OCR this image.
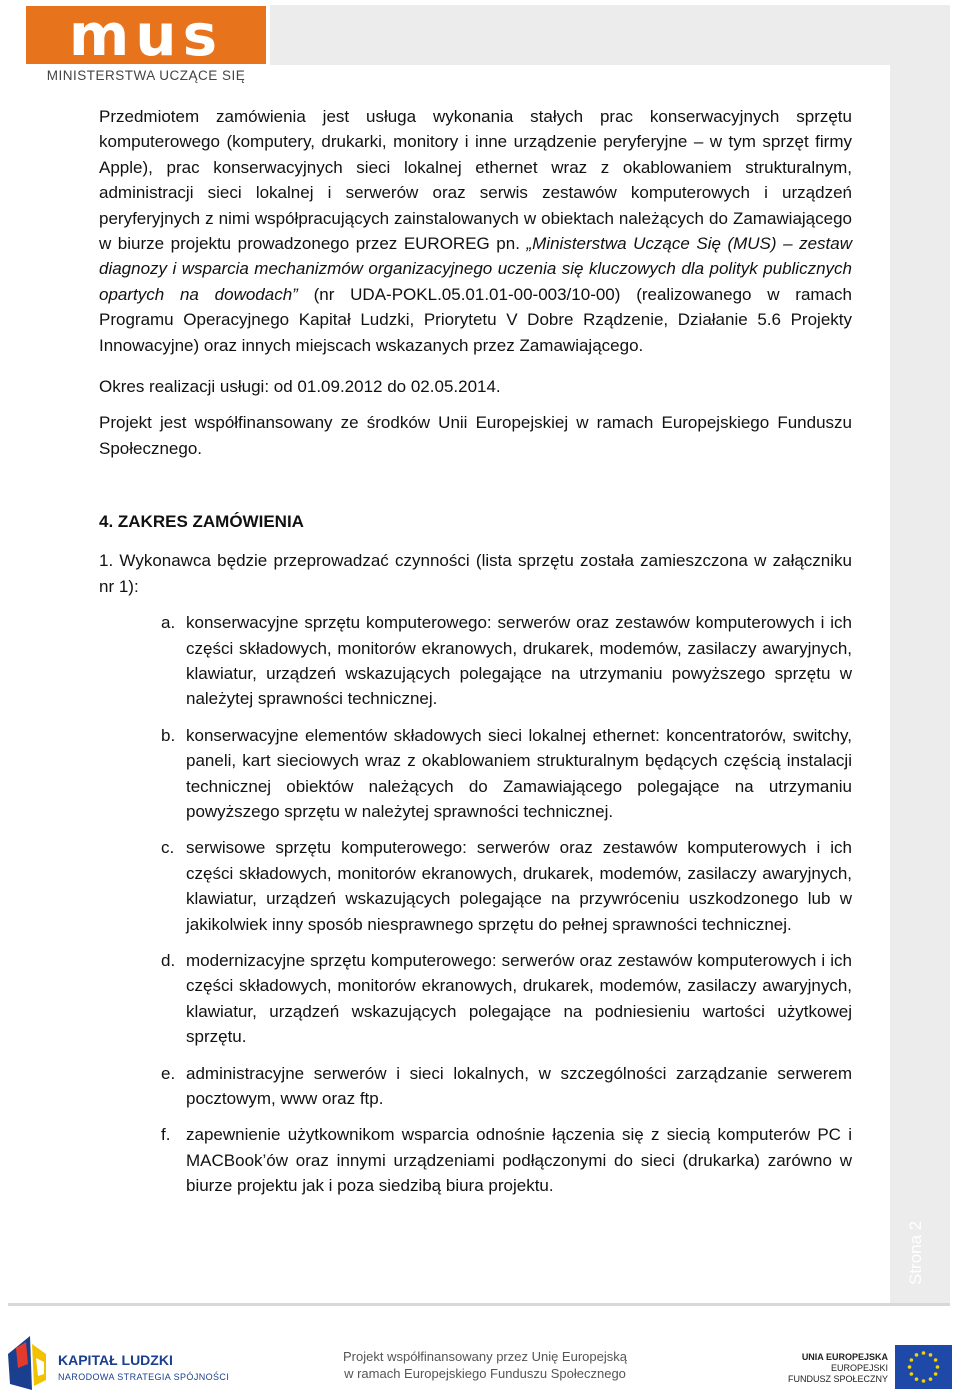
mus
MINISTERSTWA UCZĄCE SIĘ

Przedmiotem zamówienia jest usługa wykonania stałych prac konserwacyjnych sprzętu komputerowego (komputery, drukarki, monitory i inne urządzenie peryferyjne – w tym sprzęt firmy Apple), prac konserwacyjnych sieci lokalnej ethernet wraz z okablowaniem strukturalnym, administracji sieci lokalnej i serwerów oraz serwis zestawów komputerowych i urządzeń peryferyjnych z nimi współpracujących zainstalowanych w obiektach należących do Zamawiającego w biurze projektu prowadzonego przez EUROREG pn. „Ministerstwa Uczące Się (MUS) – zestaw diagnozy i wsparcia mechanizmów organizacyjnego uczenia się kluczowych dla polityk publicznych opartych na dowodach” (nr UDA-POKL.05.01.01-00-003/10-00) (realizowanego w ramach Programu Operacyjnego Kapitał Ludzki, Priorytetu V Dobre Rządzenie, Działanie 5.6 Projekty Innowacyjne) oraz innych miejscach wskazanych przez Zamawiającego.

Okres realizacji usługi: od 01.09.2012 do 02.05.2014.

Projekt jest współfinansowany ze środków Unii Europejskiej w ramach Europejskiego Funduszu Społecznego.

4. ZAKRES ZAMÓWIENIA

1. Wykonawca będzie przeprowadzać czynności (lista sprzętu została zamieszczona w załączniku nr 1):

a. konserwacyjne sprzętu komputerowego: serwerów oraz zestawów komputerowych i ich części składowych, monitorów ekranowych, drukarek, modemów, zasilaczy awaryjnych, klawiatur, urządzeń wskazujących polegające na utrzymaniu powyższego sprzętu w należytej sprawności technicznej.
b. konserwacyjne elementów składowych sieci lokalnej ethernet: koncentratorów, switchy, paneli, kart sieciowych wraz z okablowaniem strukturalnym będących częścią instalacji technicznej obiektów należących do Zamawiającego polegające na utrzymaniu powyższego sprzętu w należytej sprawności technicznej.
c. serwisowe sprzętu komputerowego: serwerów oraz zestawów komputerowych i ich części składowych, monitorów ekranowych, drukarek, modemów, zasilaczy awaryjnych, klawiatur, urządzeń wskazujących polegające na przywróceniu uszkodzonego lub w jakikolwiek inny sposób niesprawnego sprzętu do pełnej sprawności technicznej.
d. modernizacyjne sprzętu komputerowego: serwerów oraz zestawów komputerowych i ich części składowych, monitorów ekranowych, drukarek, modemów, zasilaczy awaryjnych, klawiatur, urządzeń wskazujących polegające na podniesieniu wartości użytkowej sprzętu.
e. administracyjne serwerów i sieci lokalnych, w szczególności zarządzanie serwerem pocztowym, www oraz ftp.
f. zapewnienie użytkownikom wsparcia odnośnie łączenia się z siecią komputerów PC i MACBook’ów oraz innymi urządzeniami podłączonymi do sieci (drukarka) zarówno w biurze projektu jak i poza siedzibą biura projektu.
Strona 2
KAPITAŁ LUDZKI
NARODOWA STRATEGIA SPÓJNOŚCI
Projekt współfinansowany przez Unię Europejską
w ramach Europejskiego Funduszu Społecznego
UNIA EUROPEJSKA
EUROPEJSKI
FUNDUSZ SPOŁECZNY
